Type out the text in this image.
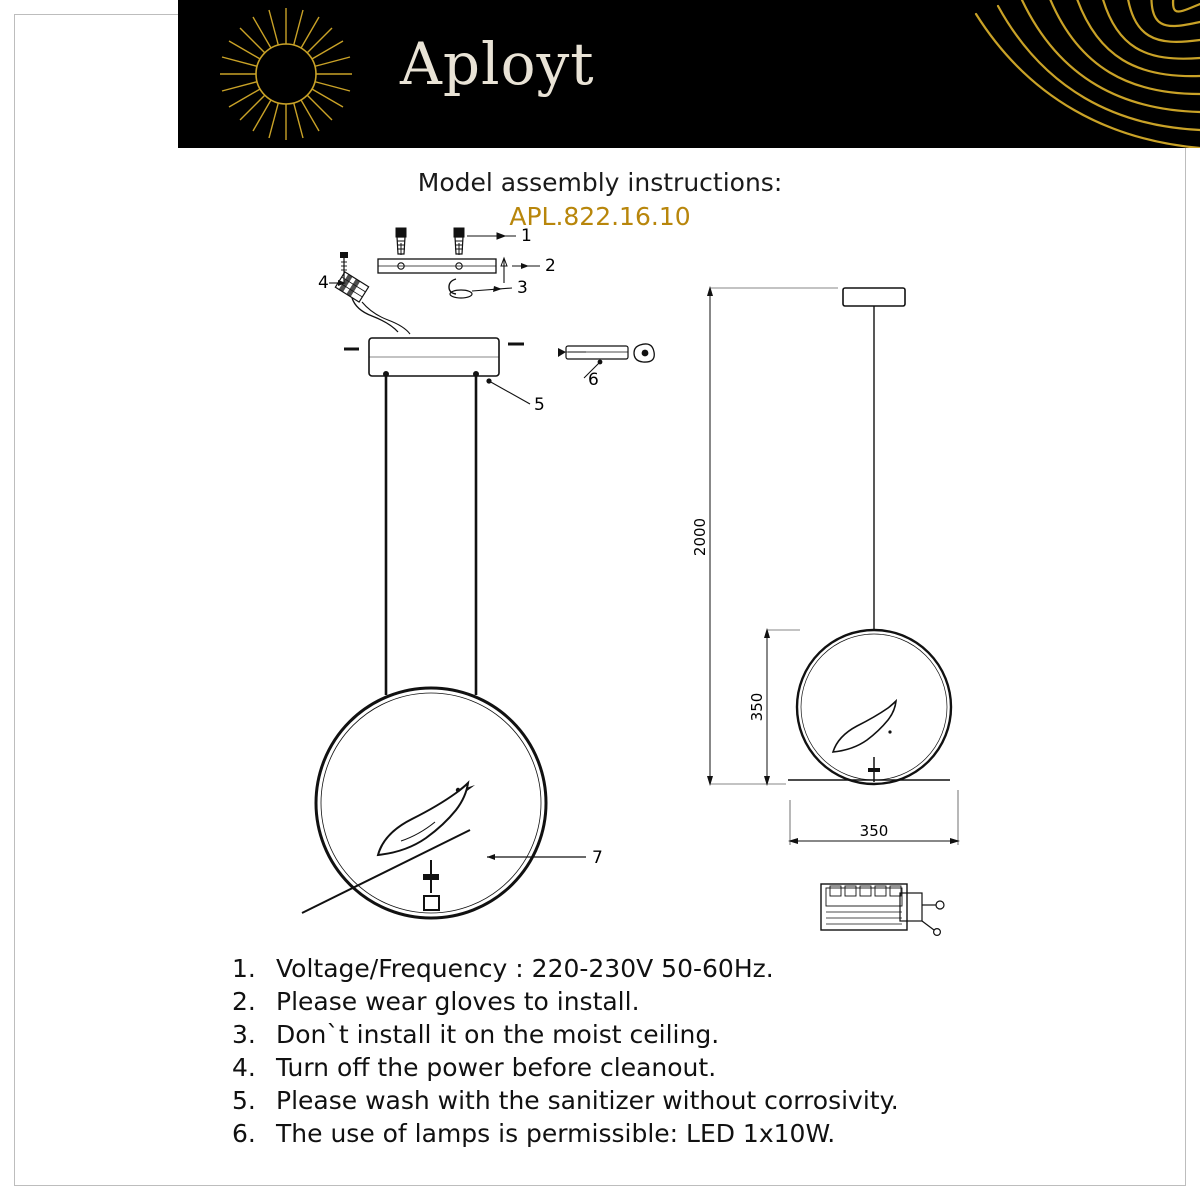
Aployt
Model assembly instructions:
APL.822.16.10
1
2
3
4
5
6
7
2000
350
350
1. Voltage/Frequency : 220-230V 50-60Hz.
2. Please wear gloves to install.
3. Don`t install it on the moist ceiling.
4. Turn off the power before cleanout.
5. Please wash with the sanitizer without corrosivity.
6. The use of lamps is permissible: LED 1x10W.
